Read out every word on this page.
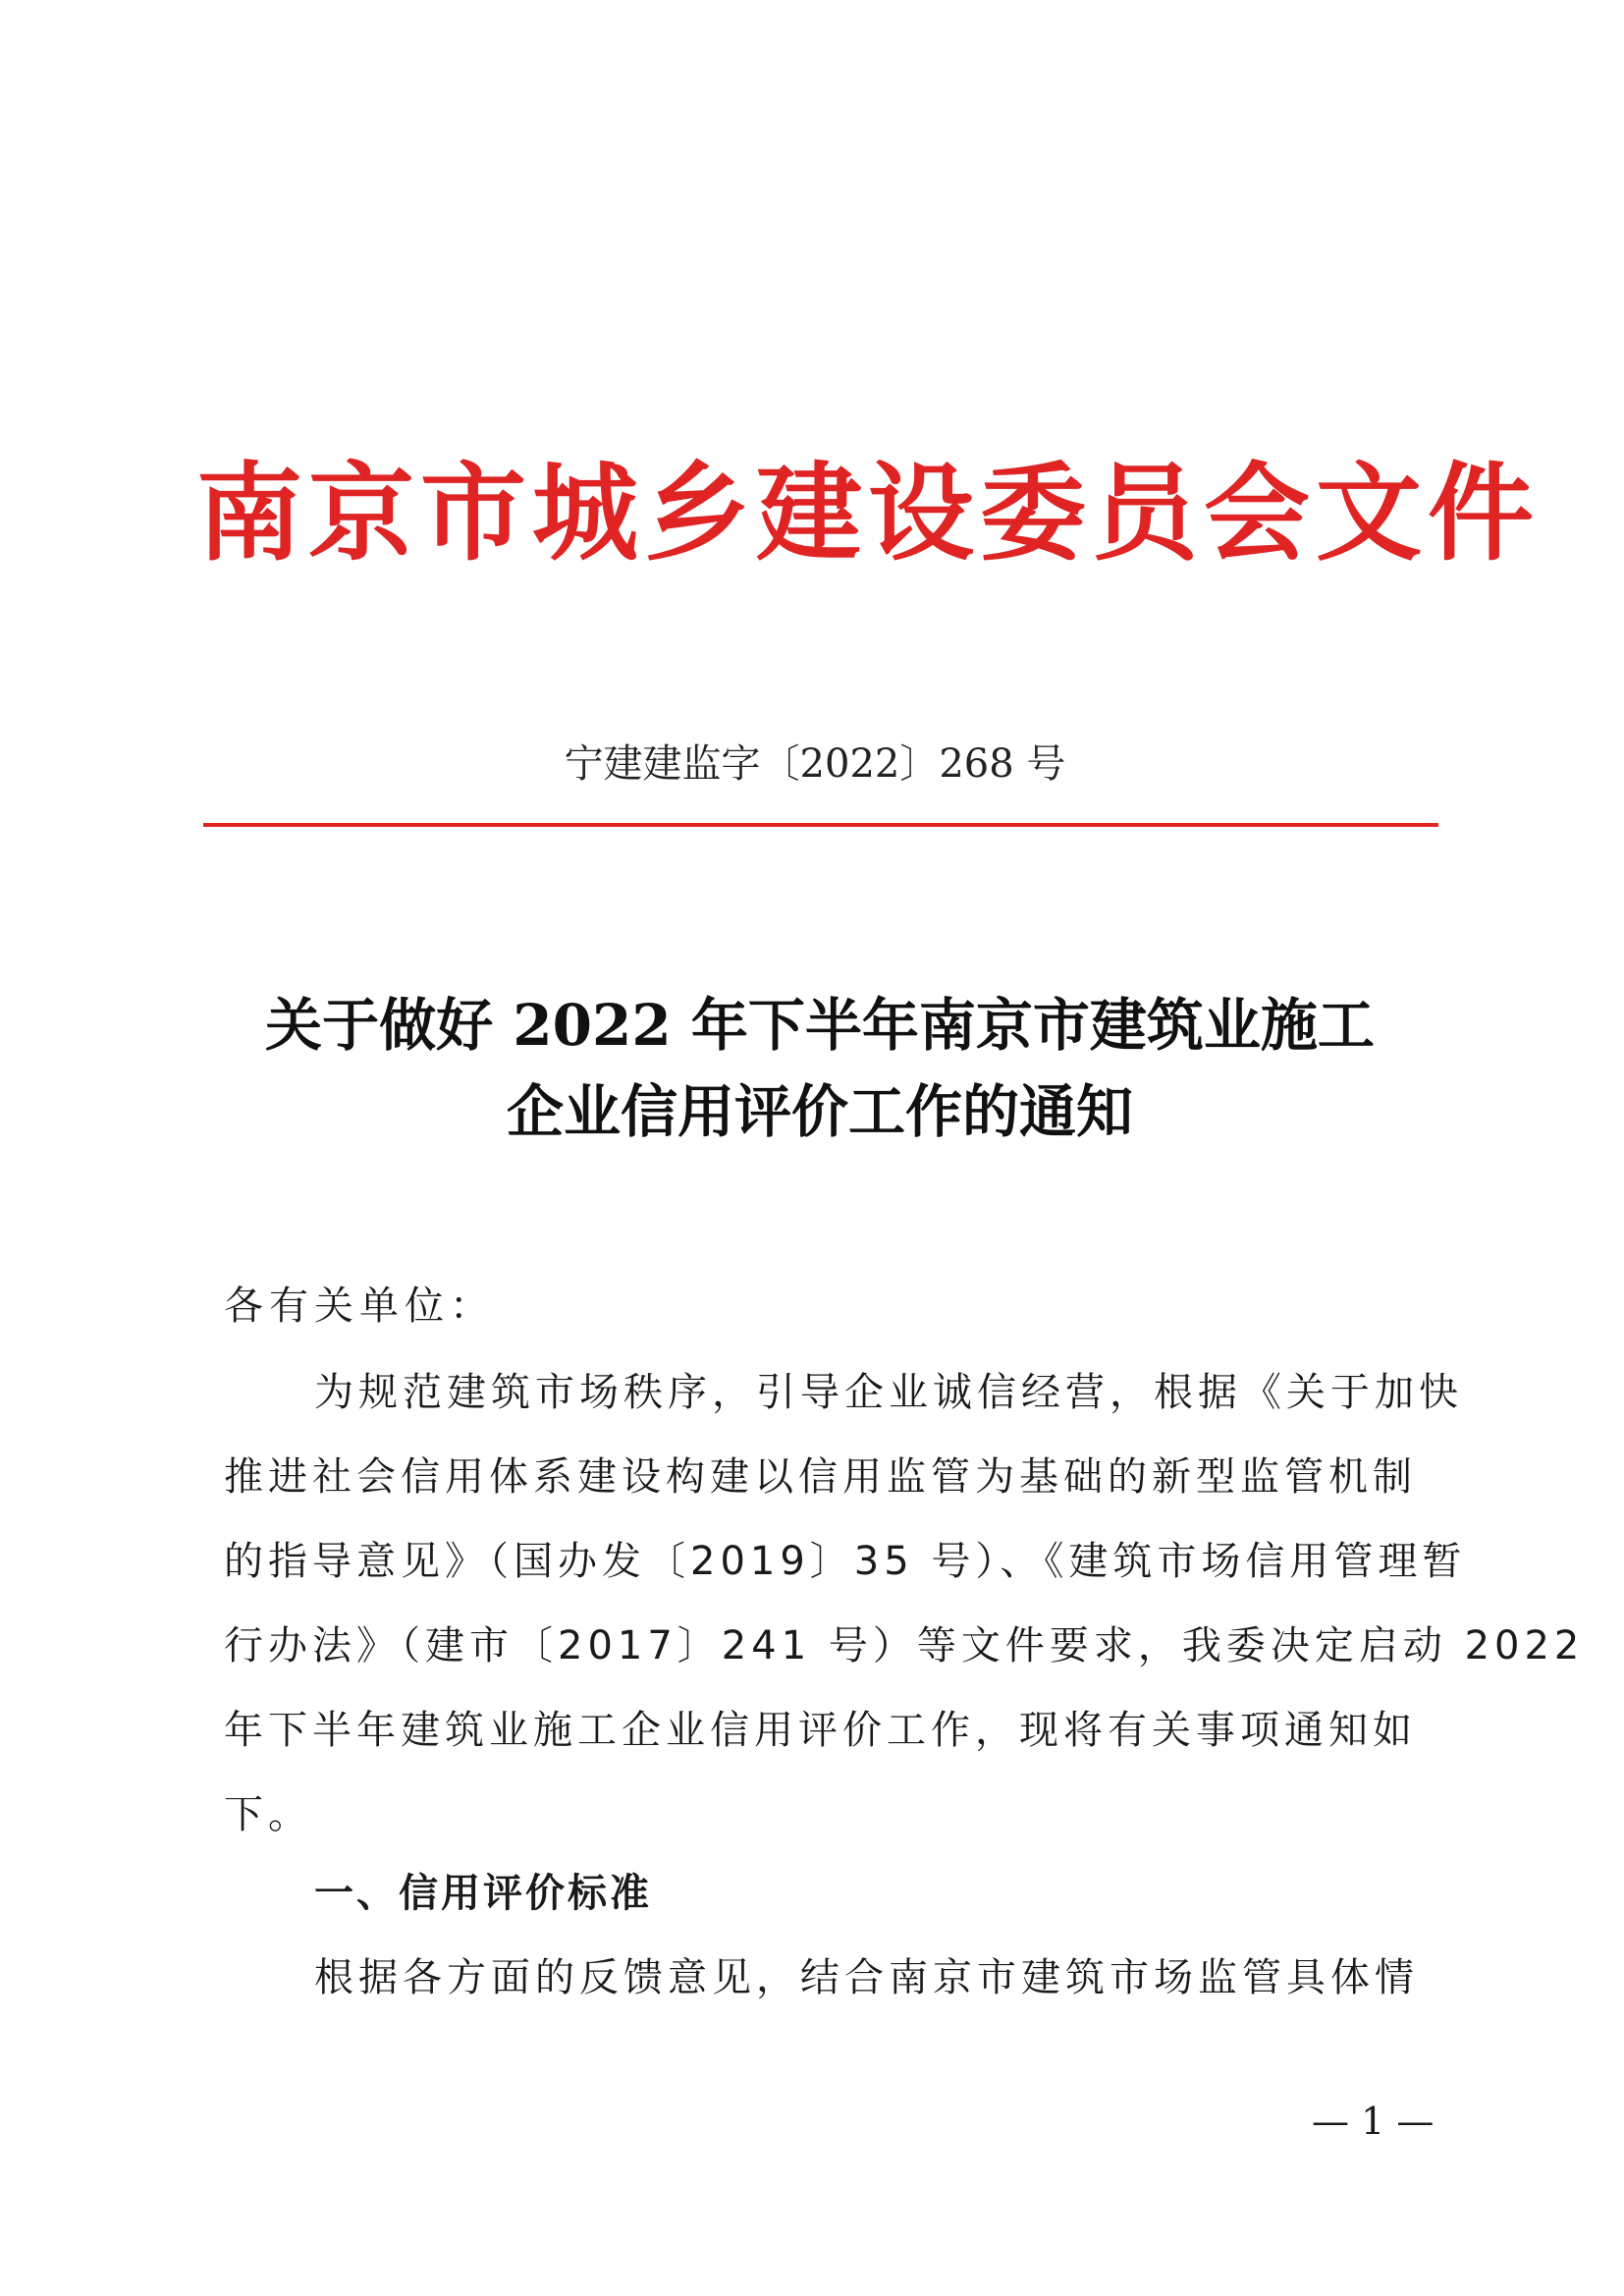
南京市城乡建设委员会文件
宁建建监字〔2022〕268 号
关于做好 2022 年下半年南京市建筑业施工
企业信用评价工作的通知
各有关单位：
为规范建筑市场秩序，引导企业诚信经营，根据《关于加快
推进社会信用体系建设构建以信用监管为基础的新型监管机制
的指导意见》（国办发〔2019〕35 号）、《建筑市场信用管理暂
行办法》（建市〔2017〕241 号）等文件要求，我委决定启动 2022
年下半年建筑业施工企业信用评价工作，现将有关事项通知如
下。
一、信用评价标准
根据各方面的反馈意见，结合南京市建筑市场监管具体情
— 1 —
